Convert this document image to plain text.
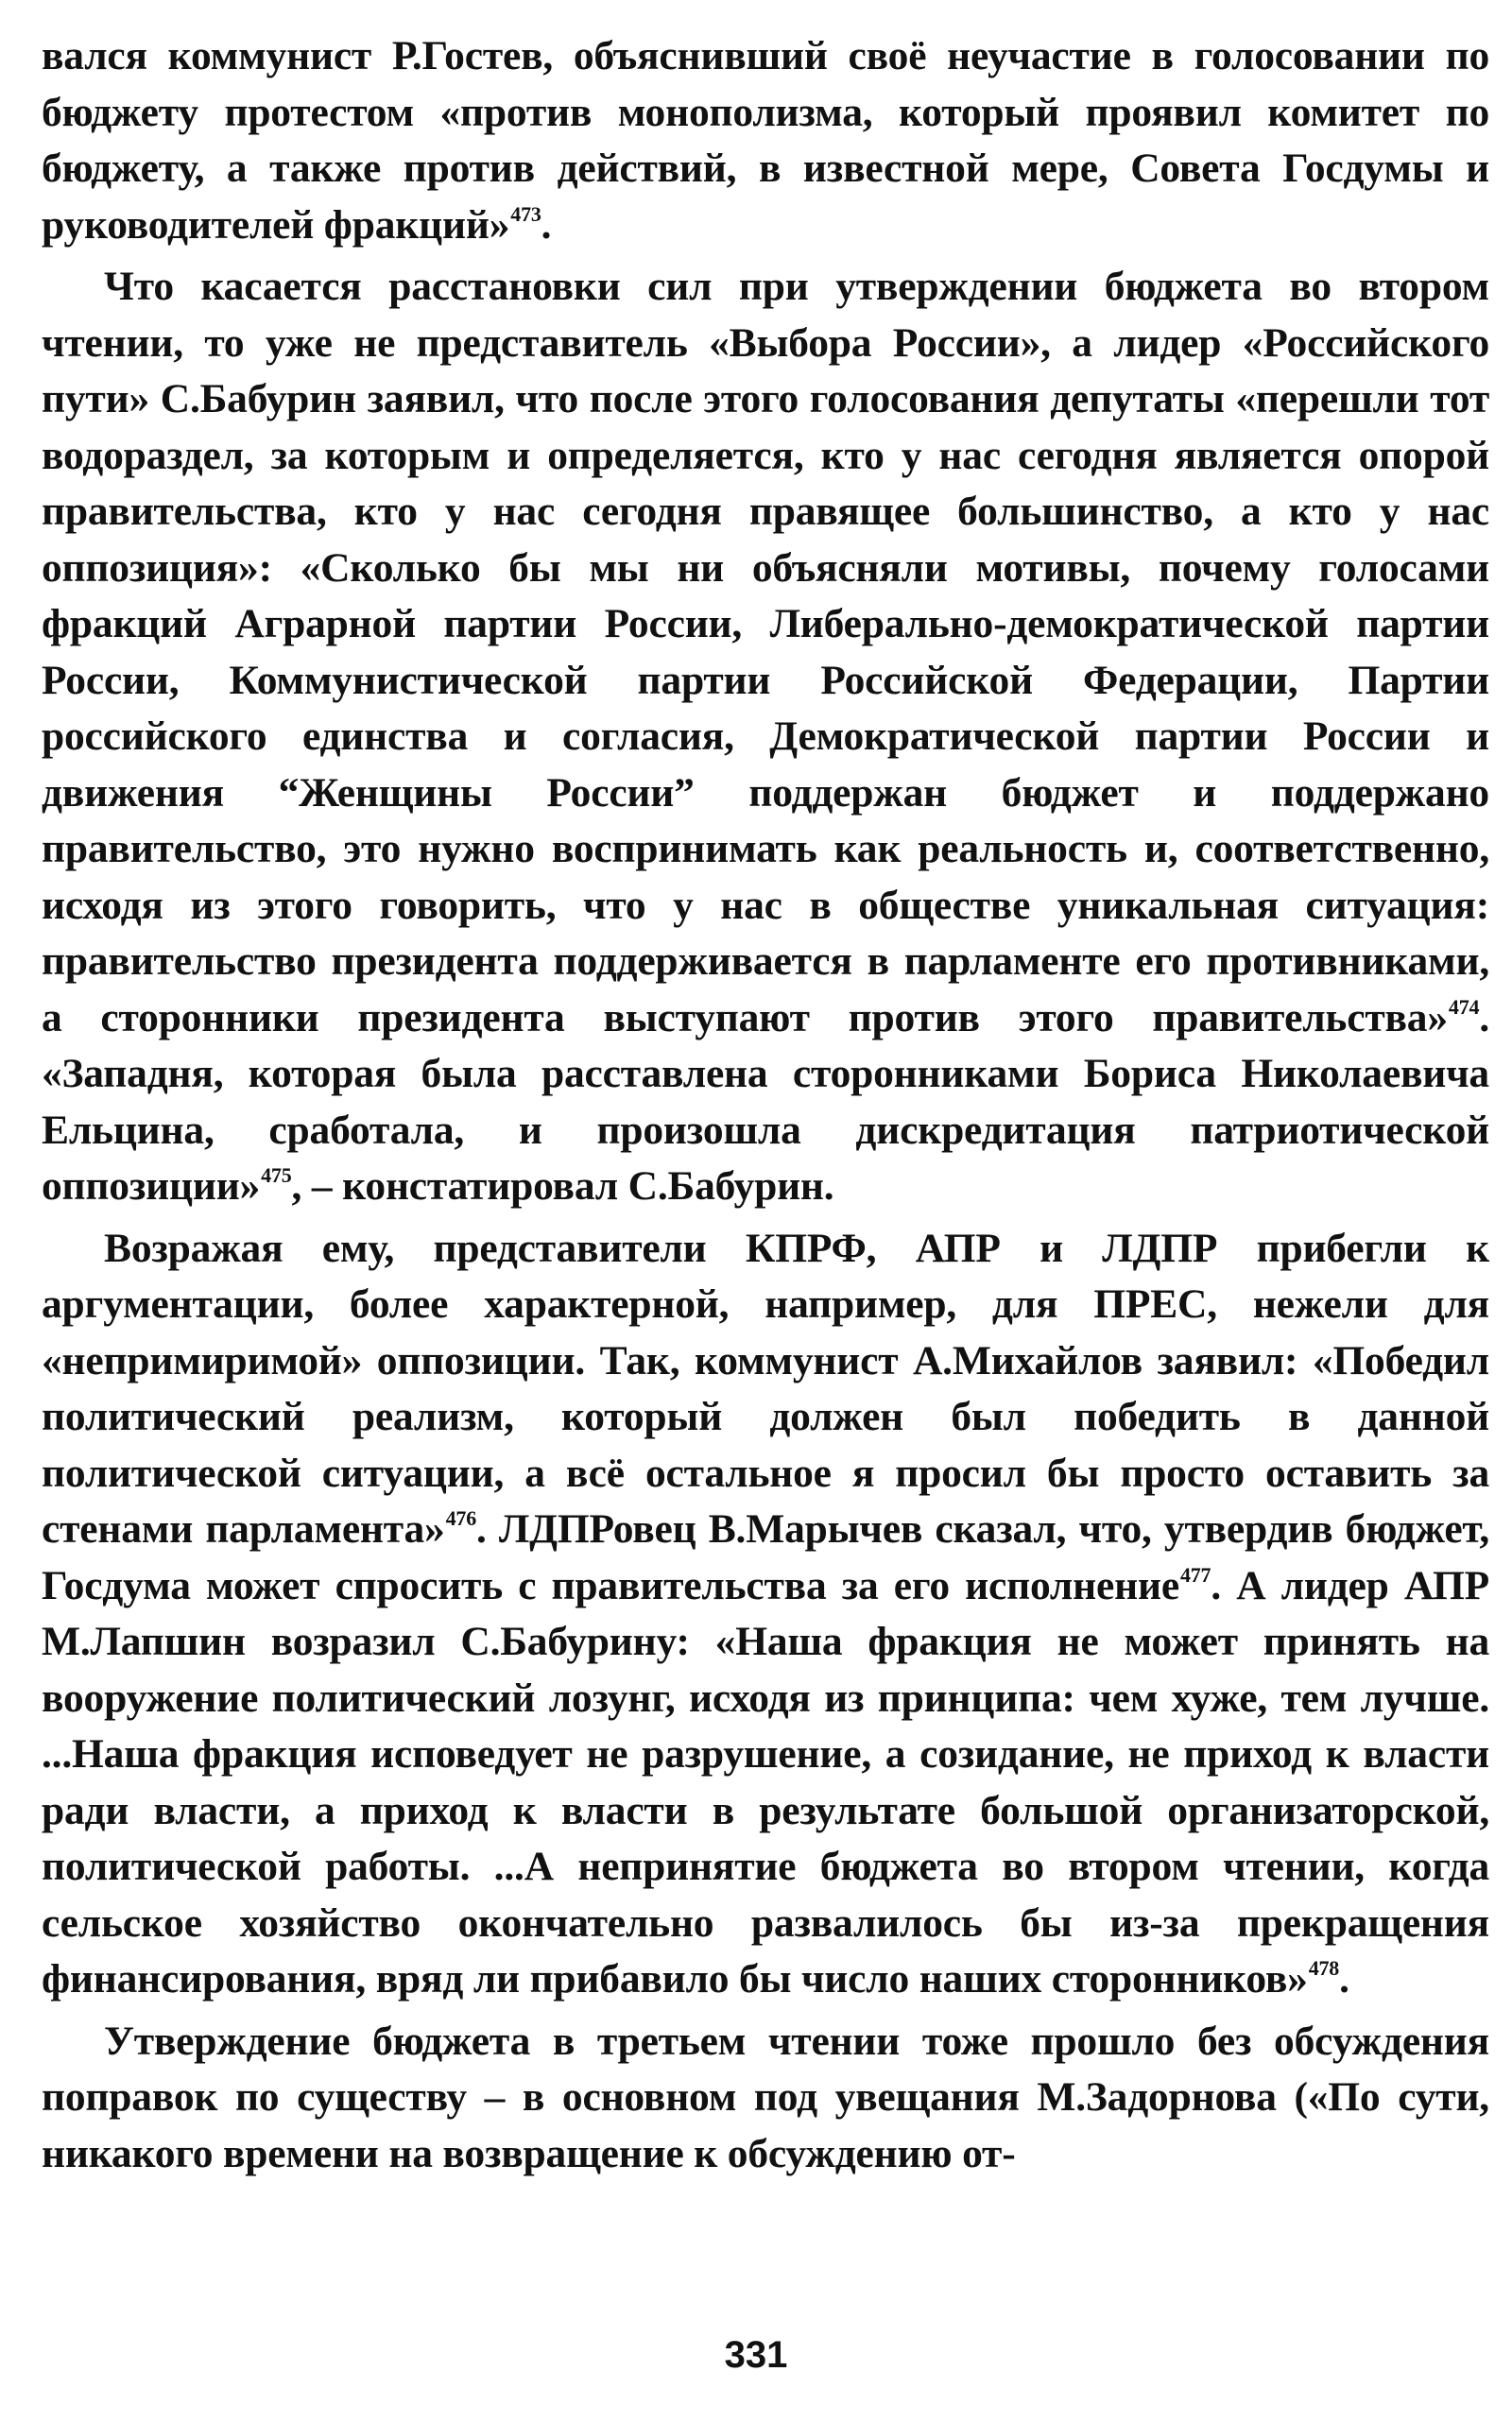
вался коммунист Р.Гостев, объяснивший своё неучастие в голосовании по бюджету протестом «против монополизма, который проявил комитет по бюджету, а также против действий, в известной мере, Совета Госдумы и руководителей фракций»$^{473}$.

Что касается расстановки сил при утверждении бюджета во втором чтении, то уже не представитель «Выбора России», а лидер «Российского пути» С.Бабурин заявил, что после этого голосования депутаты «перешли тот водораздел, за которым и определяется, кто у нас сегодня является опорой правительства, кто у нас сегодня правящее большинство, а кто у нас оппозиция»: «Сколько бы мы ни объясняли мотивы, почему голосами фракций Аграрной партии России, Либерально-демократической партии России, Коммунистической партии Российской Федерации, Партии российского единства и согласия, Демократической партии России и движения “Женщины России” поддержан бюджет и поддержано правительство, это нужно воспринимать как реальность и, соответственно, исходя из этого говорить, что у нас в обществе уникальная ситуация: правительство президента поддерживается в парламенте его противниками, а сторонники президента выступают против этого правительства»$^{474}$. «Западня, которая была расставлена сторонниками Бориса Николаевича Ельцина, сработала, и произошла дискредитация патриотической оппозиции»$^{475}$, – констатировал С.Бабурин.

Возражая ему, представители КПРФ, АПР и ЛДПР прибегли к аргументации, более характерной, например, для ПРЕС, нежели для «непримиримой» оппозиции. Так, коммунист А.Михайлов заявил: «Победил политический реализм, который должен был победить в данной политической ситуации, а всё остальное я просил бы просто оставить за стенами парламента»$^{476}$. ЛДПРовец В.Марычев сказал, что, утвердив бюджет, Госдума может спросить с правительства за его исполнение$^{477}$. А лидер АПР М.Лапшин возразил С.Бабурину: «Наша фракция не может принять на вооружение политический лозунг, исходя из принципа: чем хуже, тем лучше. ...Наша фракция исповедует не разрушение, а созидание, не приход к власти ради власти, а приход к власти в результате большой организаторской, политической работы. ...А непринятие бюджета во втором чтении, когда сельское хозяйство окончательно развалилось бы из-за прекращения финансирования, вряд ли прибавило бы число наших сторонников»$^{478}$.

Утверждение бюджета в третьем чтении тоже прошло без обсуждения поправок по существу – в основном под увещания М.Задорнова («По сути, никакого времени на возвращение к обсуждению от-

331
